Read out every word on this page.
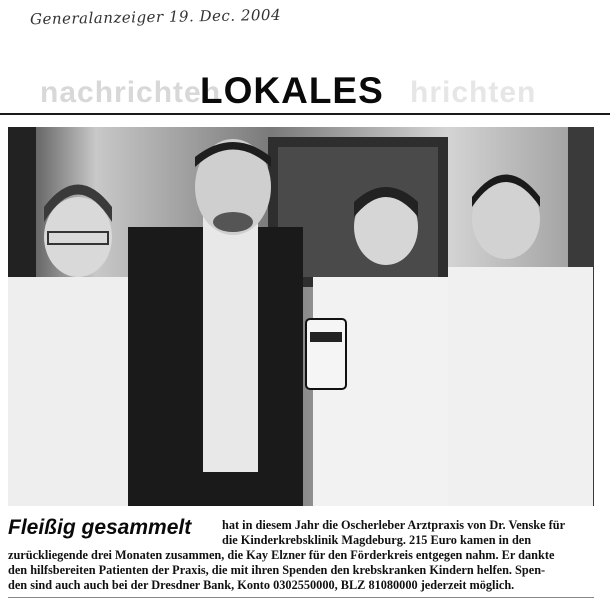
Generalanzeiger 19. Dec. 2004
nachrichten	hrichten
LOKALES
hat in diesem Jahr die Oscherleber Arztpraxis von Dr. Venske für
die Kinderkrebsklinik Magdeburg. 215 Euro kamen in den
zurückliegende drei Monaten zusammen, die Kay Elzner für den Förderkreis entgegen nahm. Er dankte
den hilfsbereiten Patienten der Praxis, die mit ihren Spenden den krebskranken Kindern helfen. Spen-
den sind auch auch bei der Dresdner Bank, Konto 0302550000, BLZ 81080000 jederzeit möglich.
Fleißig gesammelt
